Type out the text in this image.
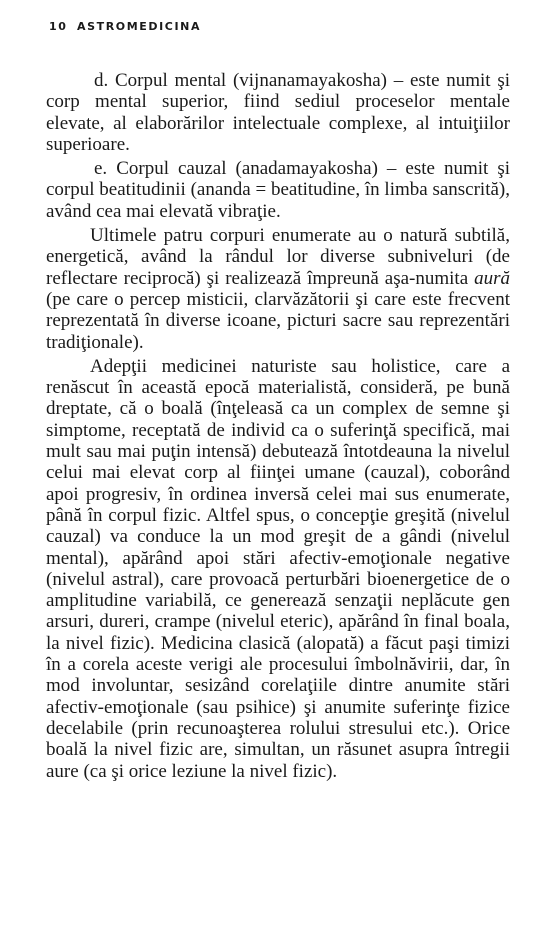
10 ASTROMEDICINA

d. Corpul mental (vijnanamayakosha) – este numit şi corp mental superior, fiind sediul proceselor mentale elevate, al elaborărilor intelectuale complexe, al intuiţiilor superioare.

e. Corpul cauzal (anadamayakosha) – este numit şi corpul beatitudinii (ananda = beatitudine, în limba sanscrită), având cea mai elevată vibraţie.

Ultimele patru corpuri enumerate au o natură subtilă, energetică, având la rândul lor diverse subniveluri (de reflectare reciprocă) şi realizează împreună aşa-numita aură (pe care o percep misticii, clarvăzătorii şi care este frecvent reprezentată în diverse icoane, picturi sacre sau reprezentări tradiţionale).

Adepţii medicinei naturiste sau holistice, care a renăscut în această epocă materialistă, consideră, pe bună dreptate, că o boală (înţeleasă ca un complex de semne şi simptome, receptată de individ ca o suferinţă specifică, mai mult sau mai puţin intensă) debutează întotdeauna la nivelul celui mai elevat corp al fiinţei umane (cauzal), coborând apoi progresiv, în ordinea inversă celei mai sus enumerate, până în corpul fizic. Altfel spus, o concepţie greşită (nivelul cauzal) va conduce la un mod greşit de a gândi (nivelul mental), apărând apoi stări afectiv-emoţionale negative (nivelul astral), care provoacă perturbări bioenergetice de o amplitudine variabilă, ce generează senzaţii neplăcute gen arsuri, dureri, crampe (nivelul eteric), apărând în final boala, la nivel fizic). Medicina clasică (alopată) a făcut paşi timizi în a corela aceste verigi ale procesului îmbolnăvirii, dar, în mod involuntar, sesizând corelaţiile dintre anumite stări afectiv-emoţionale (sau psihice) şi anumite suferinţe fizice decelabile (prin recunoaşterea rolului stresului etc.). Orice boală la nivel fizic are, simultan, un răsunet asupra întregii aure (ca şi orice leziune la nivel fizic).
